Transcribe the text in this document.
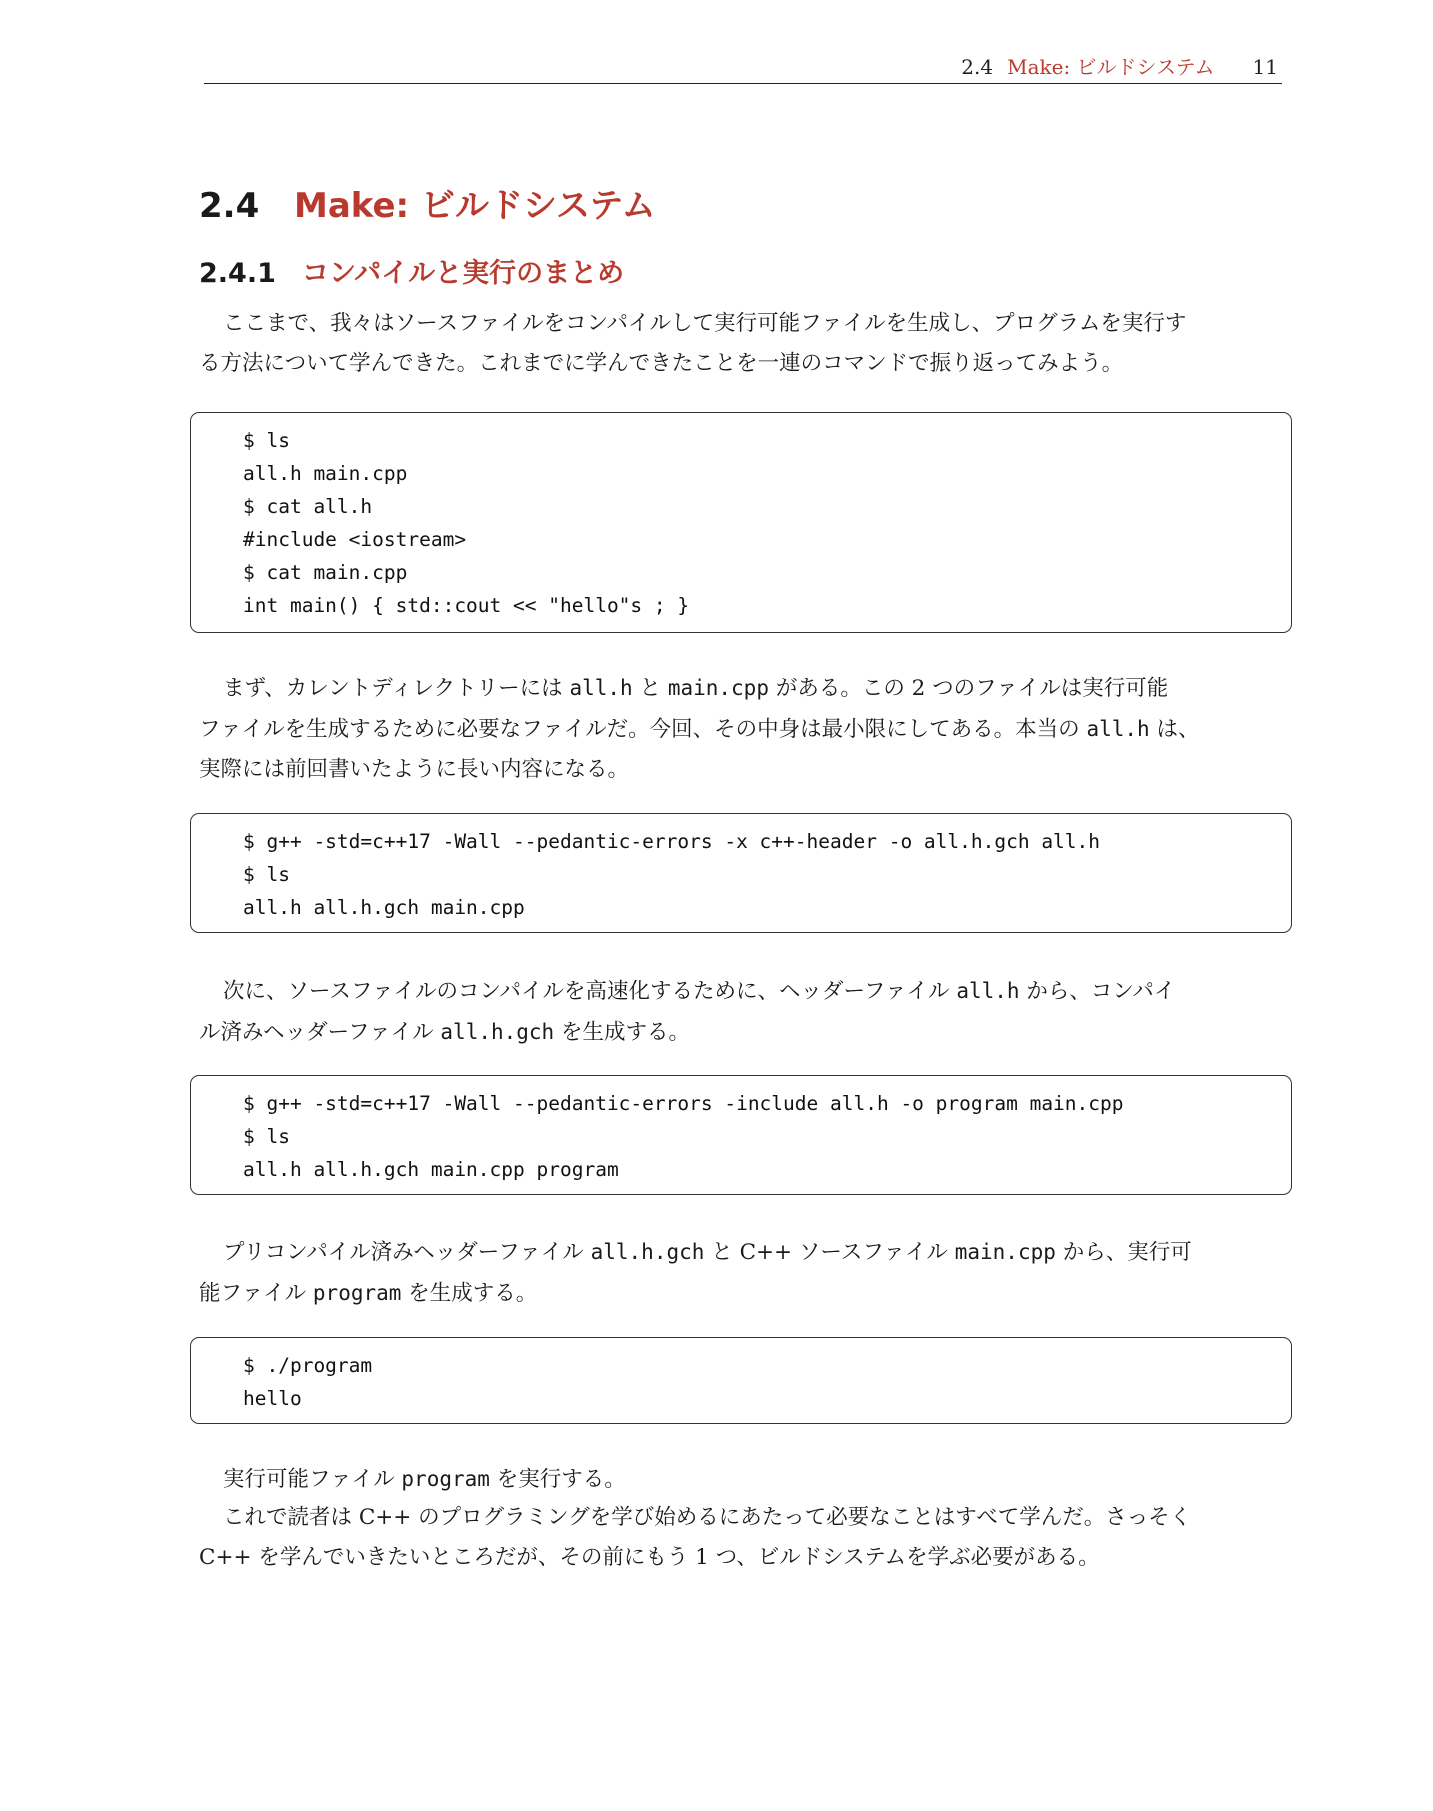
2.4 Make: ビルドシステム 11
2.4 Make: ビルドシステム
2.4.1 コンパイルと実行のまとめ
ここまで、我々はソースファイルをコンパイルして実行可能ファイルを生成し、プログラムを実行す
る方法について学んできた。これまでに学んできたことを一連のコマンドで振り返ってみよう。
$ ls
all.h main.cpp
$ cat all.h
#include <iostream>
$ cat main.cpp
int main() { std::cout << "hello"s ; }
まず、カレントディレクトリーには all.h と main.cpp がある。この 2 つのファイルは実行可能
ファイルを生成するために必要なファイルだ。今回、その中身は最小限にしてある。本当の all.h は、
実際には前回書いたように長い内容になる。
$ g++ -std=c++17 -Wall --pedantic-errors -x c++-header -o all.h.gch all.h
$ ls
all.h all.h.gch main.cpp
次に、ソースファイルのコンパイルを高速化するために、ヘッダーファイル all.h から、コンパイ
ル済みヘッダーファイル all.h.gch を生成する。
$ g++ -std=c++17 -Wall --pedantic-errors -include all.h -o program main.cpp
$ ls
all.h all.h.gch main.cpp program
プリコンパイル済みヘッダーファイル all.h.gch と C++ ソースファイル main.cpp から、実行可
能ファイル program を生成する。
$ ./program
hello
実行可能ファイル program を実行する。
これで読者は C++ のプログラミングを学び始めるにあたって必要なことはすべて学んだ。さっそく
C++ を学んでいきたいところだが、その前にもう 1 つ、ビルドシステムを学ぶ必要がある。
